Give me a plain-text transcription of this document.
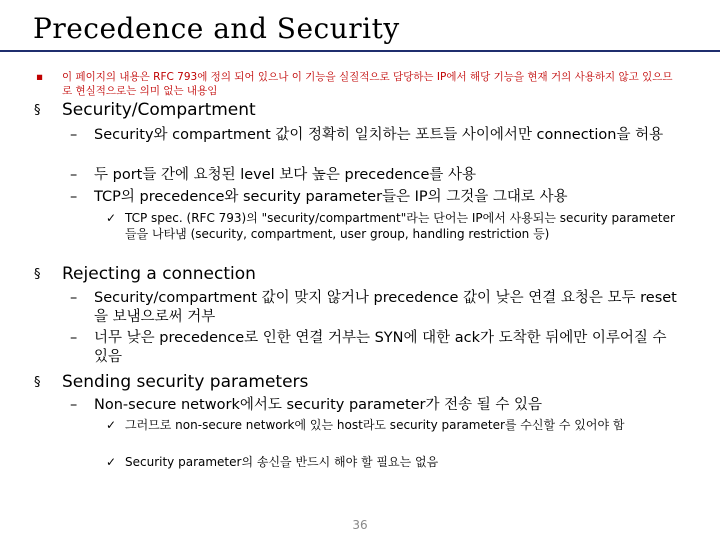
Precedence and Security
▪	이 페이지의 내용은 RFC 793에 정의 되어 있으나 이 기능을 실질적으로 담당하는 IP에서 해당 기능을 현재 거의 사용하지 않고 있으므로 현실적으로는 의미 없는 내용임
§ Security/Compartment
– Security와 compartment 값이 정확히 일치하는 포트들 사이에서만 connection을 허용
– 두 port들 간에 요청된 level 보다 높은 precedence를 사용
– TCP의 precedence와 security parameter들은 IP의 그것을 그대로 사용
✓ TCP spec. (RFC 793)의 "security/compartment"라는 단어는 IP에서 사용되는 security parameter들을 나타냄 (security, compartment, user group, handling restriction 등)
§ Rejecting a connection
– Security/compartment 값이 맞지 않거나 precedence 값이 낮은 연결 요청은 모두 reset을 보냄으로써 거부
– 너무 낮은 precedence로 인한 연결 거부는 SYN에 대한 ack가 도착한 뒤에만 이루어질 수 있음
§ Sending security parameters
– Non-secure network에서도 security parameter가 전송 될 수 있음
✓ 그러므로 non-secure network에 있는 host라도 security parameter를 수신할 수 있어야 함
✓ Security parameter의 송신을 반드시 해야 할 필요는 없음
36
